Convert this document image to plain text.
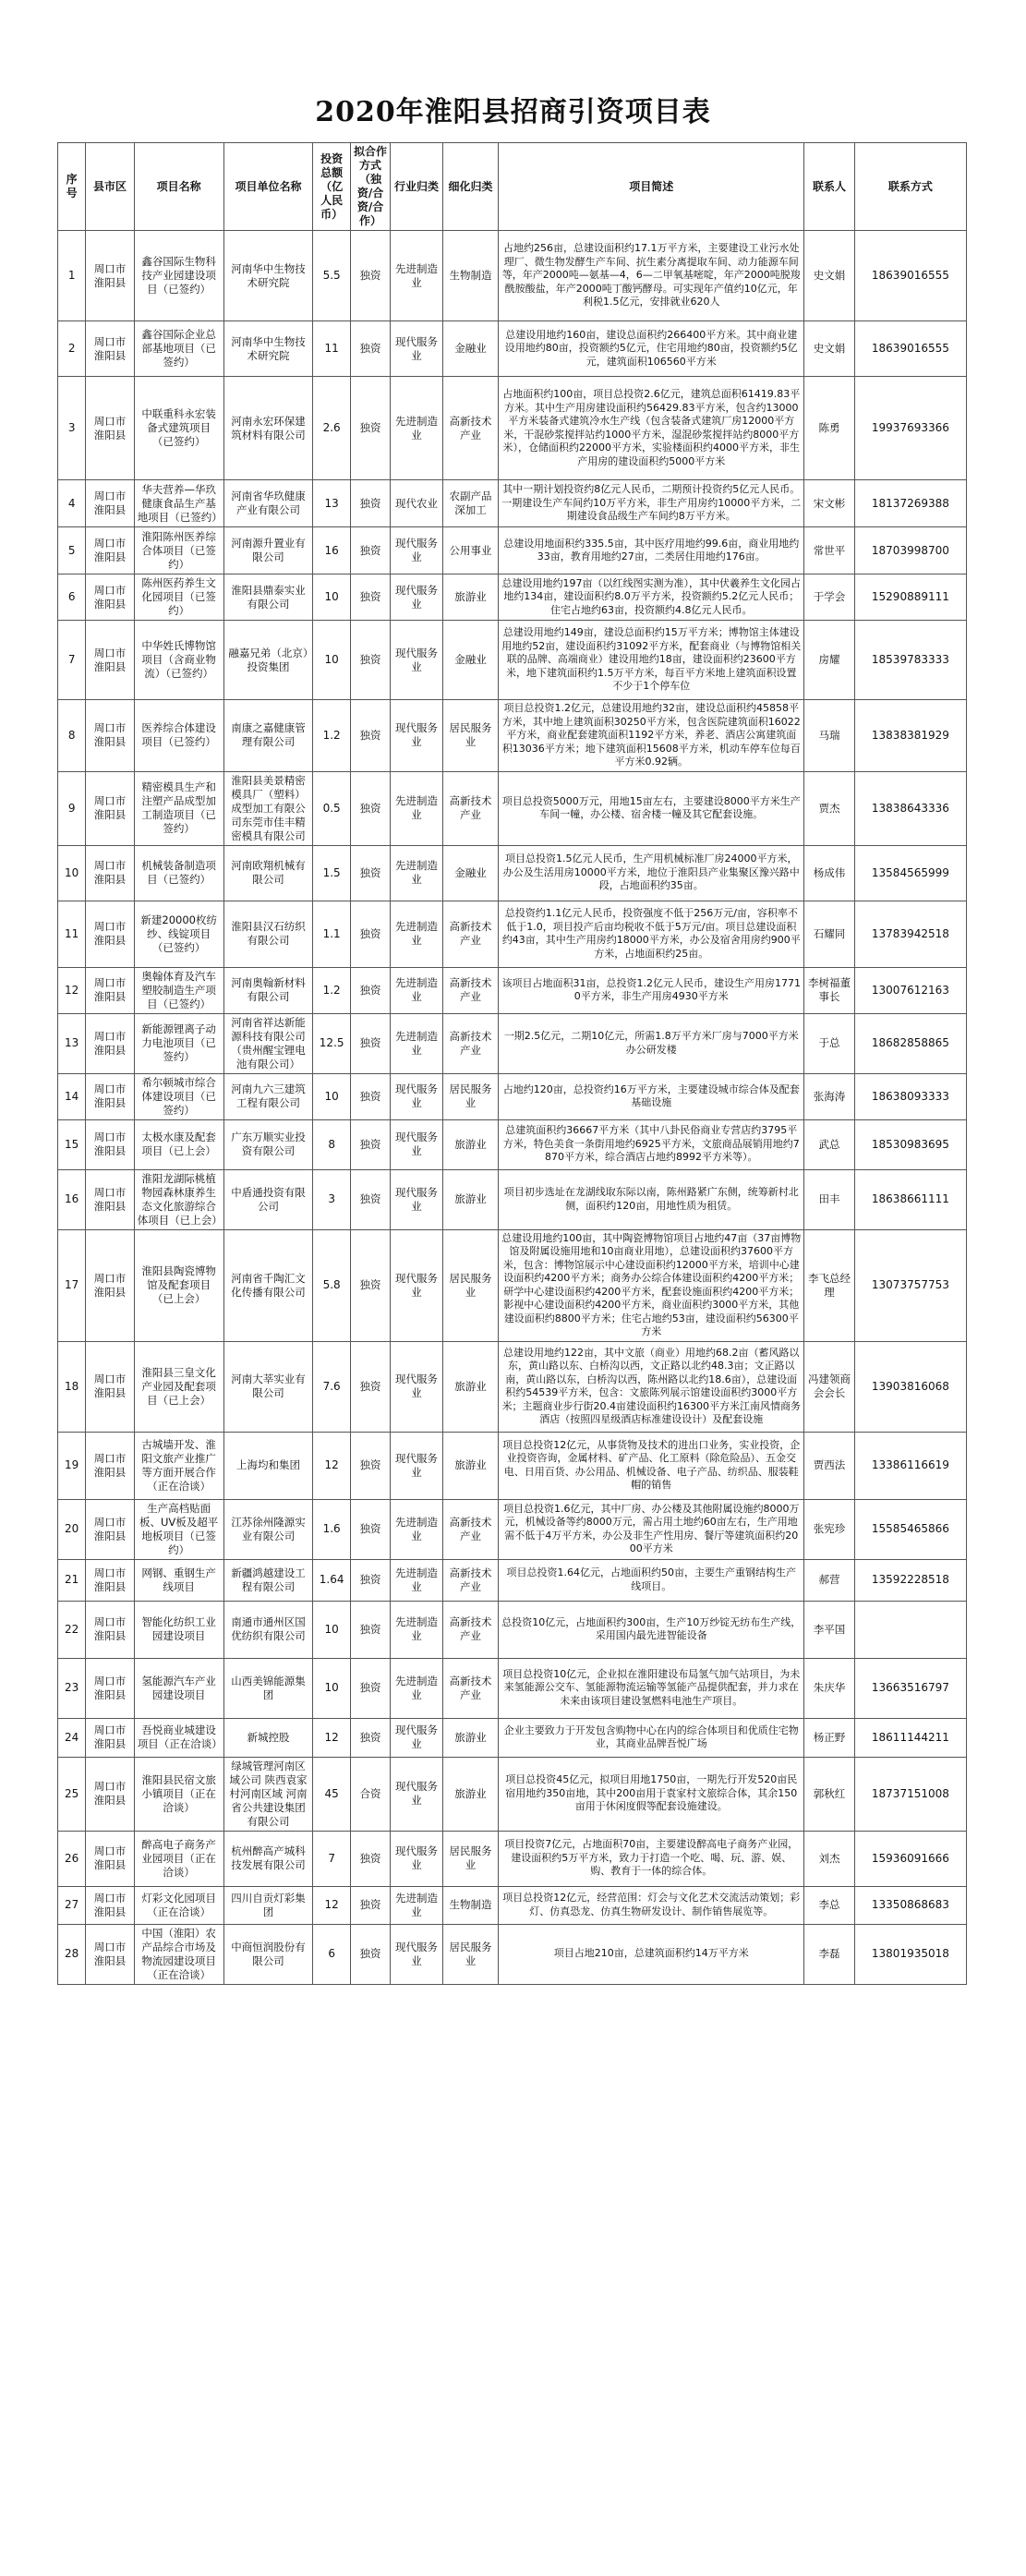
2020年淮阳县招商引资项目表
序号	县市区	项目名称	项目单位名称	投资总额（亿人民币）	拟合作方式（独资/合资/合作）	行业归类	细化归类	项目简述	联系人	联系方式
1	周口市淮阳县	鑫谷国际生物科技产业园建设项目（已签约）	河南华中生物技术研究院	5.5	独资	先进制造业	生物制造	占地约256亩，总建设面积约17.1万平方米，主要建设工业污水处理厂、微生物发酵生产车间、抗生素分离提取车间、动力能源车间等，年产2000吨—氨基—4，6—二甲氧基嘧啶，年产2000吨脱羧酰胺酸盐，年产2000吨丁酸钙酵母。可实现年产值约10亿元，年利税1.5亿元，安排就业620人	史文娟	18639016555
2	周口市淮阳县	鑫谷国际企业总部基地项目（已签约）	河南华中生物技术研究院	11	独资	现代服务业	金融业	总建设用地约160亩，建设总面积约266400平方米。其中商业建设用地约80亩，投资额约5亿元，住宅用地约80亩，投资额约5亿元，建筑面积106560平方米	史文娟	18639016555
3	周口市淮阳县	中联重科永宏装备式建筑项目（已签约）	河南永宏环保建筑材料有限公司	2.6	独资	先进制造业	高新技术产业	占地面积约100亩，项目总投资2.6亿元，建筑总面积61419.83平方米。其中生产用房建设面积约56429.83平方米，包含约13000平方米装备式建筑冷水生产线（包含装备式建筑厂房12000平方米，干混砂浆搅拌站约1000平方米，湿混砂浆搅拌站约8000平方米），仓储面积约22000平方米，实验楼面积约4000平方米，非生产用房的建设面积约5000平方米	陈勇	19937693366
4	周口市淮阳县	华夫营养—华玖健康食品生产基地项目（已签约）	河南省华玖健康产业有限公司	13	独资	现代农业	农副产品深加工	其中一期计划投资约8亿元人民币，二期预计投资约5亿元人民币。一期建设生产车间约10万平方米，非生产用房约10000平方米，二期建设食品级生产车间约8万平方米。	宋文彬	18137269388
5	周口市淮阳县	淮阳陈州医养综合体项目（已签约）	河南源升置业有限公司	16	独资	现代服务业	公用事业	总建设用地面积约335.5亩，其中医疗用地约99.6亩，商业用地约33亩，教育用地约27亩，二类居住用地约176亩。	常世平	18703998700
6	周口市淮阳县	陈州医药养生文化园项目（已签约）	淮阳县鼎泰实业有限公司	10	独资	现代服务业	旅游业	总建设用地约197亩（以红线图实测为准），其中伏羲养生文化园占地约134亩，建设面积约8.0万平方米，投资额约5.2亿元人民币；住宅占地约63亩，投资额约4.8亿元人民币。	于学会	15290889111
7	周口市淮阳县	中华姓氏博物馆项目（含商业物流）（已签约）	融嘉兄弟（北京）投资集团	10	独资	现代服务业	金融业	总建设用地约149亩，建设总面积约15万平方米；博物馆主体建设用地约52亩，建设面积约31092平方米，配套商业（与博物馆相关联的品牌、高端商业）建设用地约18亩，建设面积约23600平方米，地下建筑面积约1.5万平方米，每百平方米地上建筑面积设置不少于1个停车位	房耀	18539783333
8	周口市淮阳县	医养综合体建设项目（已签约）	南康之嘉健康管理有限公司	1.2	独资	现代服务业	居民服务业	项目总投资1.2亿元，总建设用地约32亩，建设总面积约45858平方米，其中地上建筑面积30250平方米，包含医院建筑面积16022平方米，商业配套建筑面积1192平方米，养老、酒店公寓建筑面积13036平方米；地下建筑面积15608平方米，机动车停车位每百平方米0.92辆。	马瑞	13838381929
9	周口市淮阳县	精密模具生产和注塑产品成型加工制造项目（已签约）	淮阳县美景精密模具厂（塑料）成型加工有限公司东莞市佳丰精密模具有限公司	0.5	独资	先进制造业	高新技术产业	项目总投资5000万元，用地15亩左右，主要建设8000平方米生产车间一幢，办公楼、宿舍楼一幢及其它配套设施。	贾杰	13838643336
10	周口市淮阳县	机械装备制造项目（已签约）	河南欧翔机械有限公司	1.5	独资	先进制造业	金融业	项目总投资1.5亿元人民币，生产用机械标准厂房24000平方米，办公及生活用房10000平方米，地位于淮阳县产业集聚区豫兴路中段，占地面积约35亩。	杨成伟	13584565999
11	周口市淮阳县	新建20000枚纺纱、线锭项目（已签约）	淮阳县汉石纺织有限公司	1.1	独资	先进制造业	高新技术产业	总投资约1.1亿元人民币，投资强度不低于256万元/亩，容积率不低于1.0，项目投产后亩均税收不低于5万元/亩。项目总建设面积约43亩，其中生产用房约18000平方米，办公及宿舍用房约900平方米，占地面积约25亩。	石耀同	13783942518
12	周口市淮阳县	奥翰体育及汽车塑胶制造生产项目（已签约）	河南奥翰新材料有限公司	1.2	独资	先进制造业	高新技术产业	该项目占地面积31亩，总投资1.2亿元人民币，建设生产用房17710平方米，非生产用房4930平方米	李树福董事长	13007612163
13	周口市淮阳县	新能源锂离子动力电池项目（已签约）	河南省祥达新能源科技有限公司（贵州醒宝锂电池有限公司）	12.5	独资	先进制造业	高新技术产业	一期2.5亿元，二期10亿元，所需1.8万平方米厂房与7000平方米办公研发楼	于总	18682858865
14	周口市淮阳县	希尔顿城市综合体建设项目（已签约）	河南九六三建筑工程有限公司	10	独资	现代服务业	居民服务业	占地约120亩，总投资约16万平方米，主要建设城市综合体及配套基础设施	张海涛	18638093333
15	周口市淮阳县	太极水康及配套项目（已上会）	广东万顺实业投资有限公司	8	独资	现代服务业	旅游业	总建筑面积约36667平方米（其中八卦民俗商业专营店约3795平方米，特色美食一条街用地约6925平方米，文旅商品展销用地约7870平方米，综合酒店占地约8992平方米等）。	武总	18530983695
16	周口市淮阳县	淮阳龙湖际桃植物园森林康养生态文化旅游综合体项目（已上会）	中盾通投资有限公司	3	独资	现代服务业	旅游业	项目初步选址在龙湖线取东际以南，陈州路紧广东侧，统筹新村北侧，面积约120亩，用地性质为租赁。	田丰	18638661111
17	周口市淮阳县	淮阳县陶瓷博物馆及配套项目（已上会）	河南省千陶汇文化传播有限公司	5.8	独资	现代服务业	居民服务业	总建设用地约100亩，其中陶瓷博物馆项目占地约47亩（37亩博物馆及附属设施用地和10亩商业用地），总建设面积约37600平方米，包含：博物馆展示中心建设面积约12000平方米，培训中心建设面积约4200平方米；商务办公综合体建设面积约4200平方米；研学中心建设面积约4200平方米，配套设施面积约4200平方米；影视中心建设面积约4200平方米，商业面积约3000平方米，其他建设面积约8800平方米；住宅占地约53亩，建设面积约56300平方米	李飞总经理	13073757753
18	周口市淮阳县	淮阳县三皇文化产业园及配套项目（已上会）	河南大莘实业有限公司	7.6	独资	现代服务业	旅游业	总建设用地约122亩，其中文旅（商业）用地约68.2亩（蓄风路以东，黄山路以东、白桥沟以西，文正路以北约48.3亩；文正路以南，黄山路以东，白桥沟以西，陈州路以北约18.6亩），总建设面积约54539平方米，包含：文旅陈列展示馆建设面积约3000平方米；主题商业步行街20.4亩建设面积约16300平方米江南风情商务酒店（按照四星级酒店标准建设设计）及配套设施	冯建领商会会长	13903816068
19	周口市淮阳县	古城墙开发、淮阳文旅产业推广等方面开展合作（正在洽谈）	上海均和集团	12	独资	现代服务业	旅游业	项目总投资12亿元，从事货物及技术的进出口业务，实业投资，企业投资咨询，金属材料、矿产品、化工原料（除危险品）、五金交电、日用百货、办公用品、机械设备、电子产品、纺织品、服装鞋帽的销售	贾西法	13386116619
20	周口市淮阳县	生产高档贴面板、UV板及超平地板项目（已签约）	江苏徐州隆源实业有限公司	1.6	独资	先进制造业	高新技术产业	项目总投资1.6亿元，其中厂房、办公楼及其他附属设施约8000万元，机械设备等约8000万元，需占用土地约60亩左右，生产用地需不低于4万平方米，办公及非生产性用房、餐厅等建筑面积约2000平方米	张宪珍	15585465866
21	周口市淮阳县	网钢、重钢生产线项目	新疆鸿越建设工程有限公司	1.64	独资	先进制造业	高新技术产业	项目总投资1.64亿元，占地面积约50亩，主要生产重钢结构生产线项目。	郝营	13592228518
22	周口市淮阳县	智能化纺织工业园建设项目	南通市通州区国优纺织有限公司	10	独资	先进制造业	高新技术产业	总投资10亿元，占地面积约300亩，生产10万纱锭无纺布生产线，采用国内最先进智能设备	李平国	
23	周口市淮阳县	氢能源汽车产业园建设项目	山西美锦能源集团	10	独资	先进制造业	高新技术产业	项目总投资10亿元，企业拟在淮阳建设布局氢气加气站项目，为未来氢能源公交车、氢能源物流运输等氢能产品提供配套，并力求在未来由该项目建设氢燃料电池生产项目。	朱庆华	13663516797
24	周口市淮阳县	吾悦商业城建设项目（正在洽谈）	新城控股	12	独资	现代服务业	旅游业	企业主要致力于开发包含购物中心在内的综合体项目和优质住宅物业，其商业品牌吾悦广场	杨正野	18611144211
25	周口市淮阳县	淮阳县民宿文旅小镇项目（正在洽谈）	绿城管理河南区域公司 陕西袁家村河南区域 河南省公共建设集团有限公司	45	合资	现代服务业	旅游业	项目总投资45亿元，拟项目用地1750亩，一期先行开发520亩民宿用地约350亩地，其中200亩用于袁家村文旅综合体，其余150亩用于休闲度假等配套设施建设。	郭秋红	18737151008
26	周口市淮阳县	醉高电子商务产业园项目（正在洽谈）	杭州醉高产城科技发展有限公司	7	独资	现代服务业	居民服务业	项目投资7亿元，占地面积70亩，主要建设醉高电子商务产业园，建设面积约5万平方米，致力于打造一个吃、喝、玩、游、娱、购、教育于一体的综合体。	刘杰	15936091666
27	周口市淮阳县	灯彩文化园项目（正在洽谈）	四川自贡灯彩集团	12	独资	先进制造业	生物制造	项目总投资12亿元，经营范围：灯会与文化艺术交流活动策划；彩灯、仿真恐龙、仿真生物研发设计、制作销售展览等。	李总	13350868683
28	周口市淮阳县	中国（淮阳）农产品综合市场及物流园建设项目（正在洽谈）	中商恒润股份有限公司	6	独资	现代服务业	居民服务业	项目占地210亩，总建筑面积约14万平方米	李磊	13801935018
